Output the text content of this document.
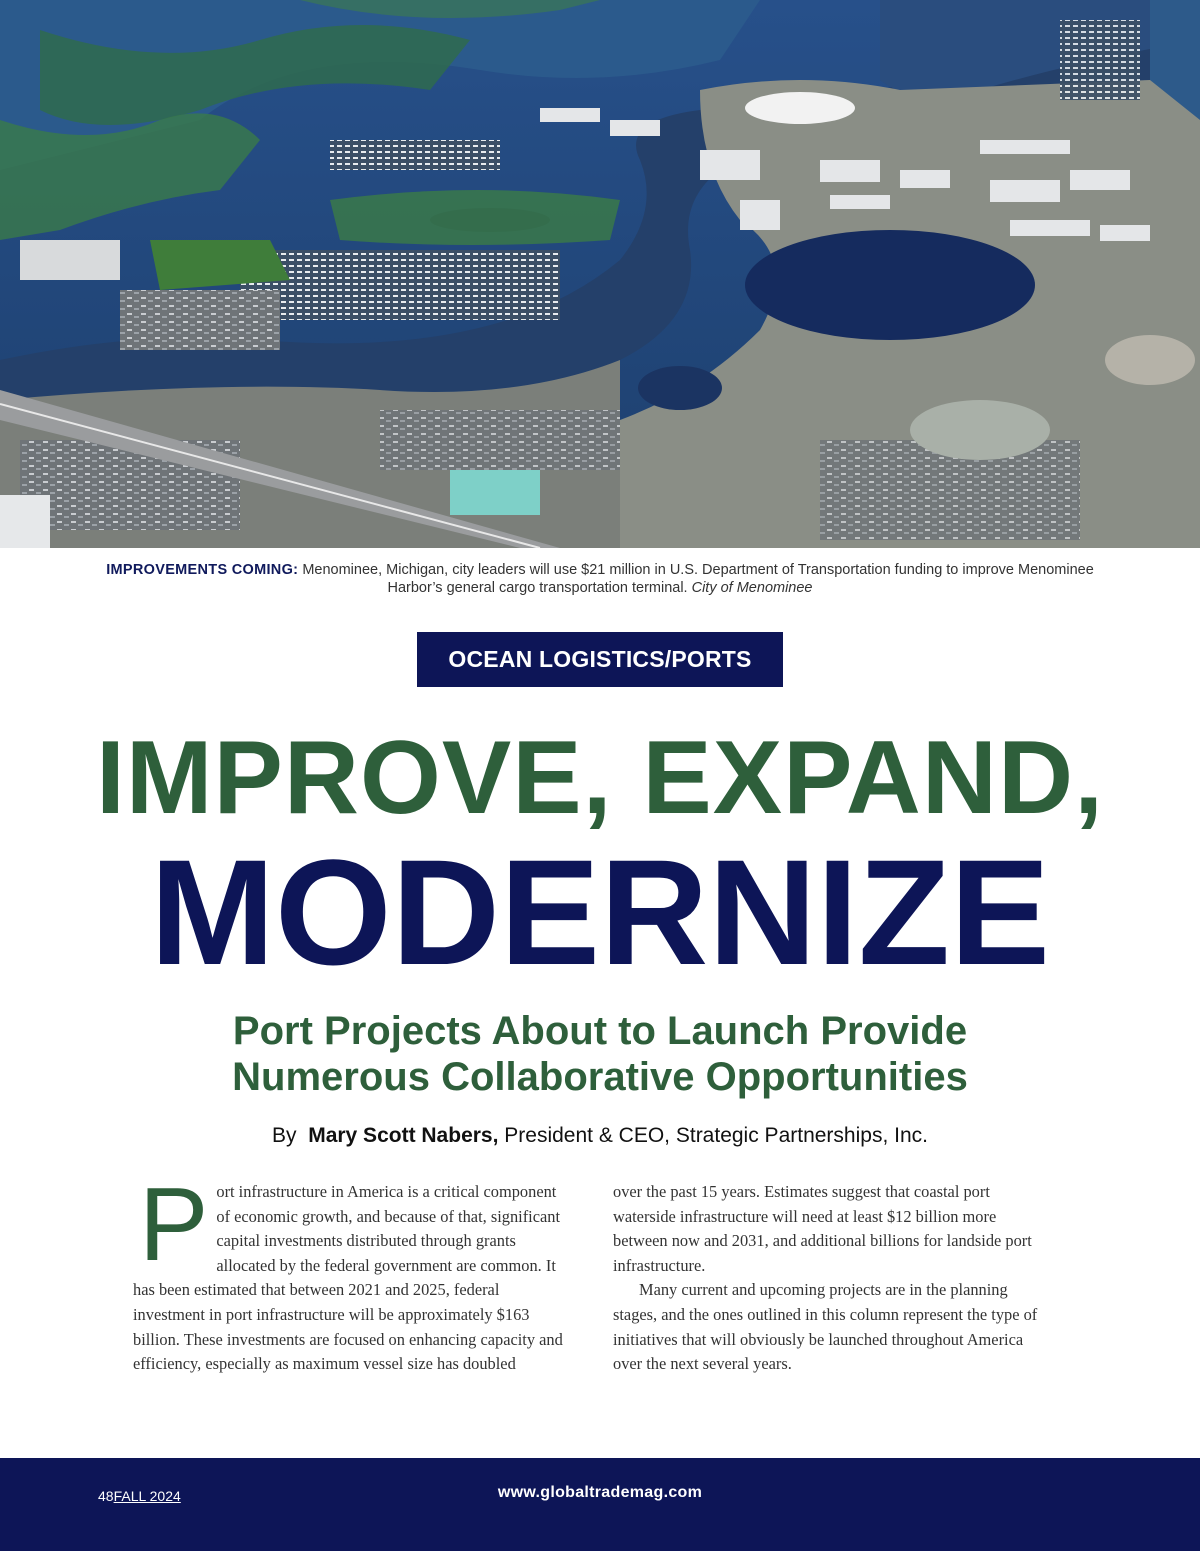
IMPROVEMENTS COMING: Menominee, Michigan, city leaders will use $21 million in U.S. Department of Transportation funding to improve Menominee Harbor’s general cargo transportation terminal. City of Menominee
OCEAN LOGISTICS/PORTS
IMPROVE, EXPAND,
MODERNIZE
Port Projects About to Launch Provide
Numerous Collaborative Opportunities
By Mary Scott Nabers, President & CEO, Strategic Partnerships, Inc.

Port infrastructure in America is a critical component of economic growth, and because of that, significant capital investments distributed through grants allocated by the federal government are common. It has been estimated that between 2021 and 2025, federal investment in port infrastructure will be approximately $163 billion. These investments are focused on enhancing capacity and efficiency, especially as maximum vessel size has doubled

over the past 15 years. Estimates suggest that coastal port waterside infrastructure will need at least $12 billion more between now and 2031, and additional billions for landside port infrastructure.

Many current and upcoming projects are in the planning stages, and the ones outlined in this column represent the type of initiatives that will obviously be launched throughout America over the next several years.

48FALL 2024	www.globaltrademag.com
